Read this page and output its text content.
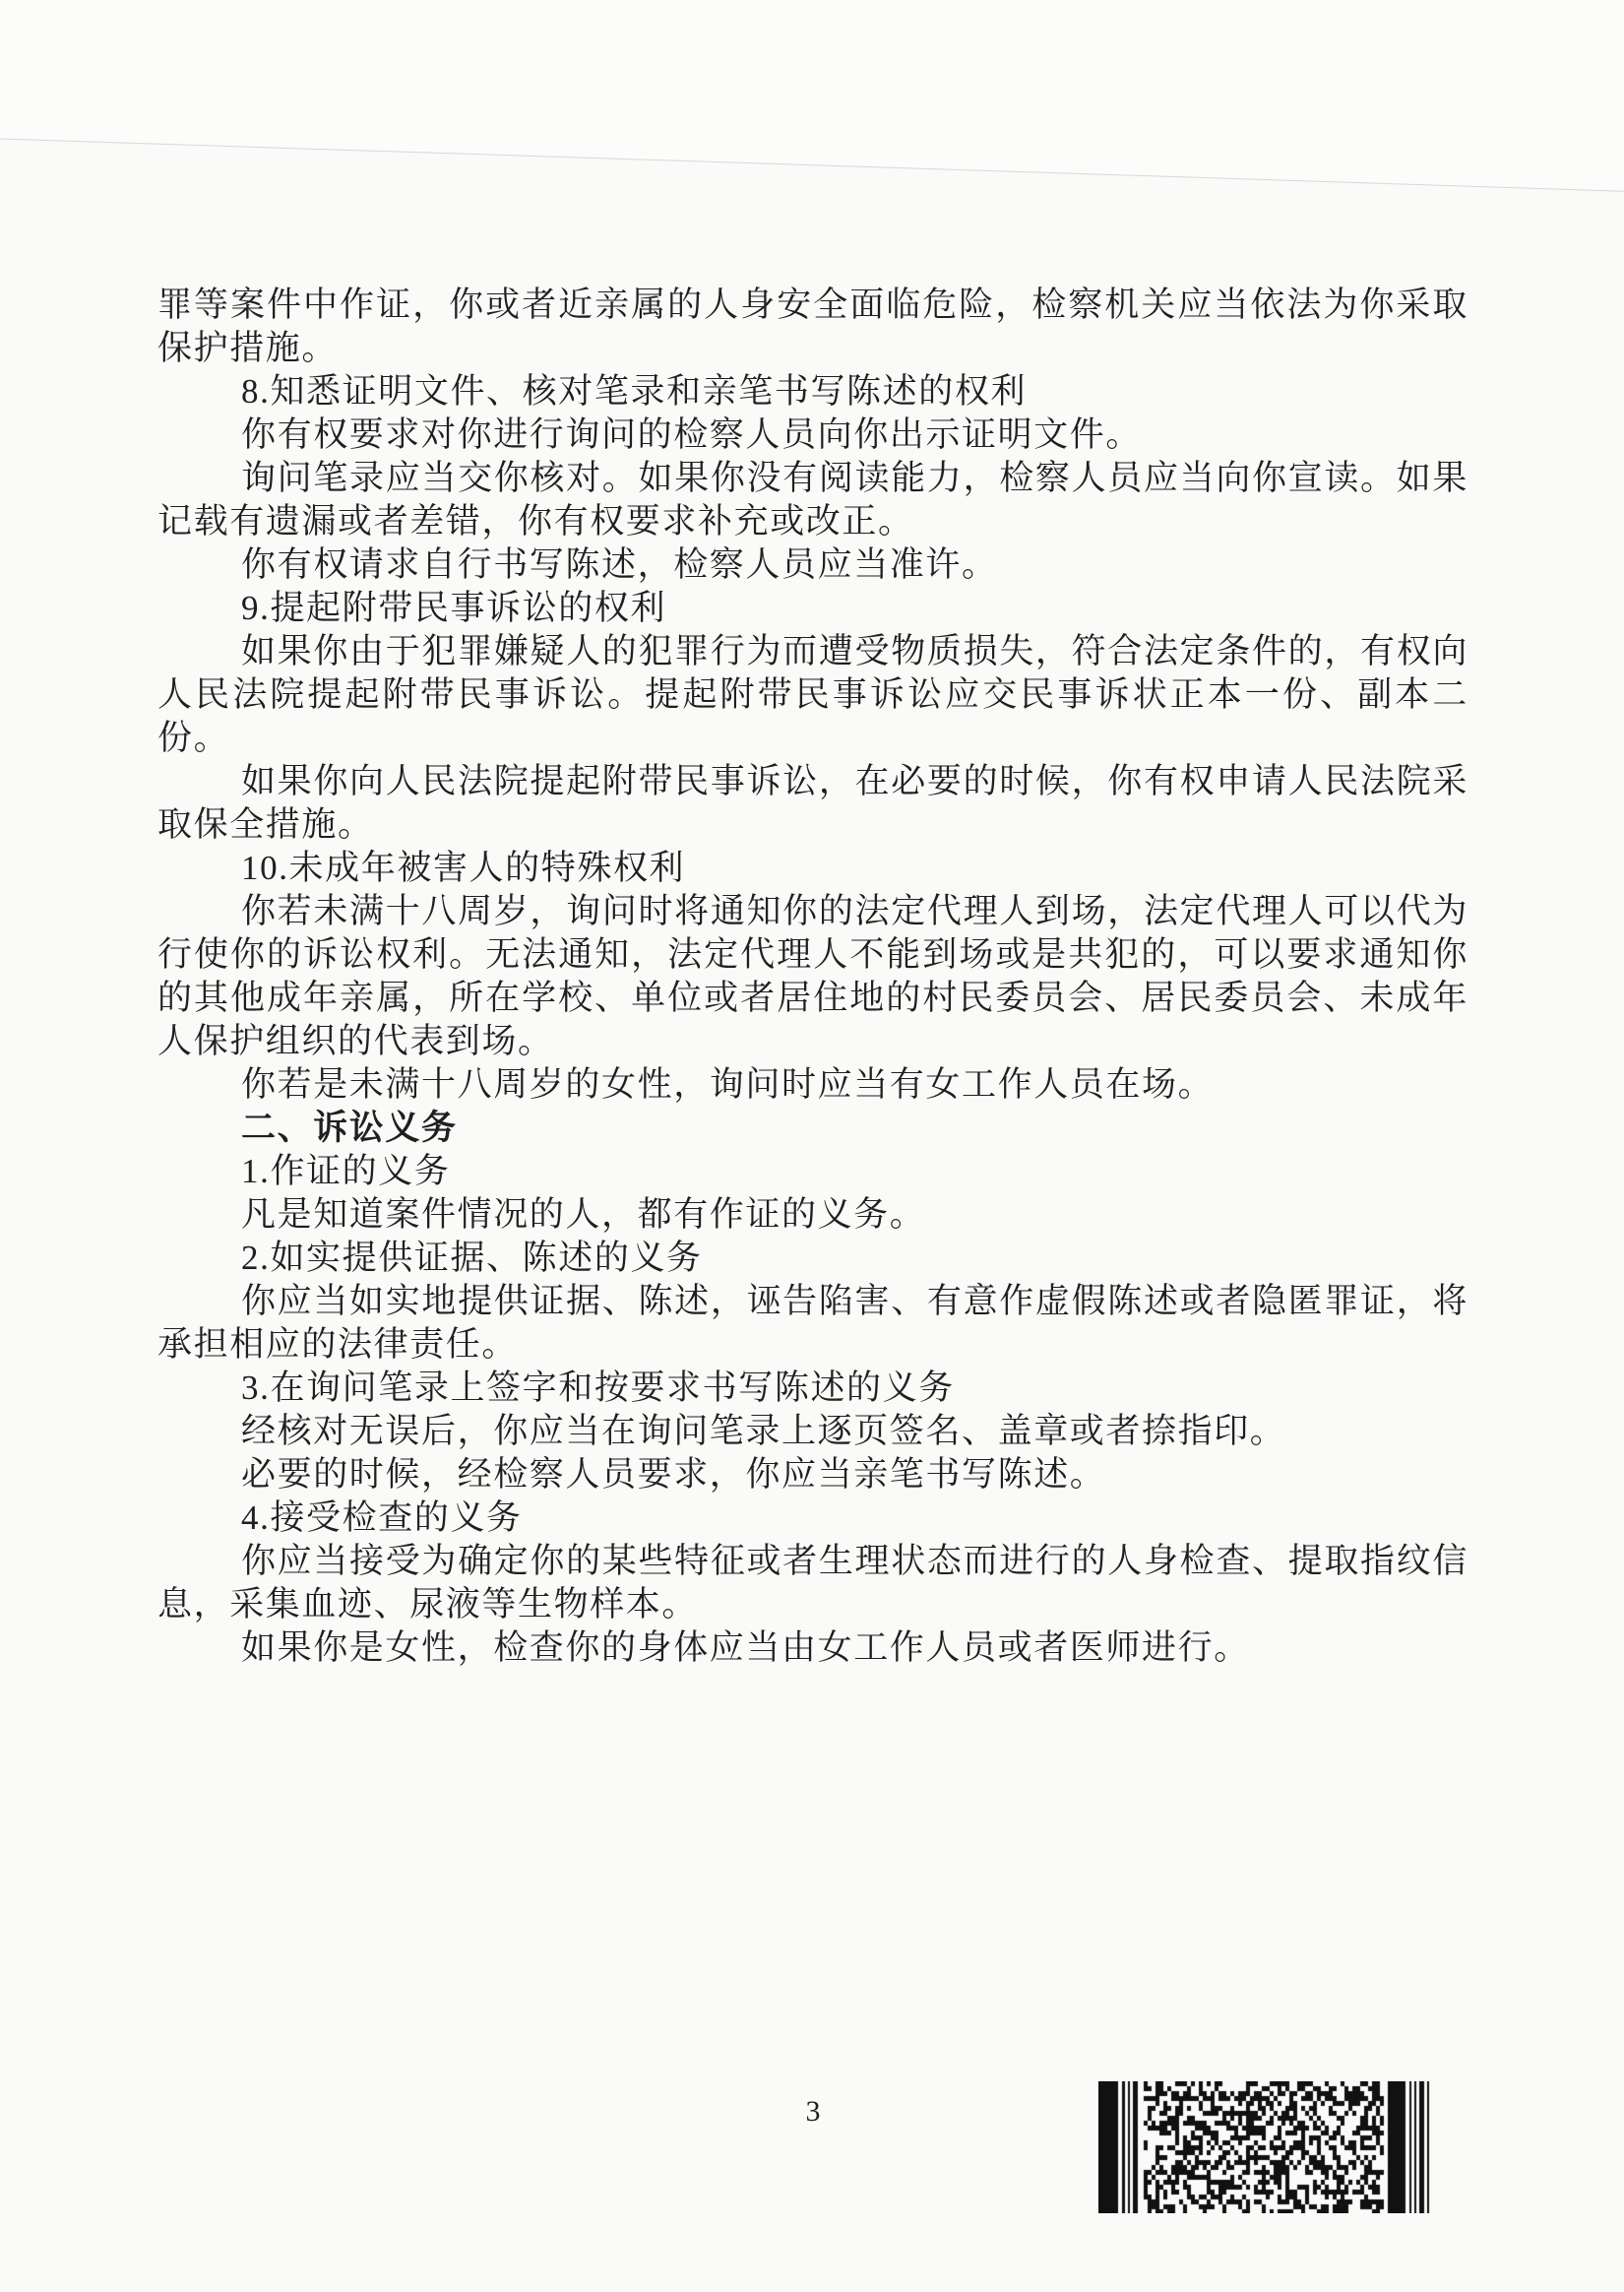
罪等案件中作证，你或者近亲属的人身安全面临危险，检察机关应当依法为你采取保护措施。

8.知悉证明文件、核对笔录和亲笔书写陈述的权利

你有权要求对你进行询问的检察人员向你出示证明文件。

询问笔录应当交你核对。如果你没有阅读能力，检察人员应当向你宣读。如果记载有遗漏或者差错，你有权要求补充或改正。

你有权请求自行书写陈述，检察人员应当准许。

9.提起附带民事诉讼的权利

如果你由于犯罪嫌疑人的犯罪行为而遭受物质损失，符合法定条件的，有权向人民法院提起附带民事诉讼。提起附带民事诉讼应交民事诉状正本一份、副本二份。

如果你向人民法院提起附带民事诉讼，在必要的时候，你有权申请人民法院采取保全措施。

10.未成年被害人的特殊权利

你若未满十八周岁，询问时将通知你的法定代理人到场，法定代理人可以代为行使你的诉讼权利。无法通知，法定代理人不能到场或是共犯的，可以要求通知你的其他成年亲属，所在学校、单位或者居住地的村民委员会、居民委员会、未成年人保护组织的代表到场。

你若是未满十八周岁的女性，询问时应当有女工作人员在场。

二、诉讼义务

1.作证的义务

凡是知道案件情况的人，都有作证的义务。

2.如实提供证据、陈述的义务

你应当如实地提供证据、陈述，诬告陷害、有意作虚假陈述或者隐匿罪证，将承担相应的法律责任。

3.在询问笔录上签字和按要求书写陈述的义务

经核对无误后，你应当在询问笔录上逐页签名、盖章或者捺指印。

必要的时候，经检察人员要求，你应当亲笔书写陈述。

4.接受检查的义务

你应当接受为确定你的某些特征或者生理状态而进行的人身检查、提取指纹信息，采集血迹、尿液等生物样本。

如果你是女性，检查你的身体应当由女工作人员或者医师进行。

3
